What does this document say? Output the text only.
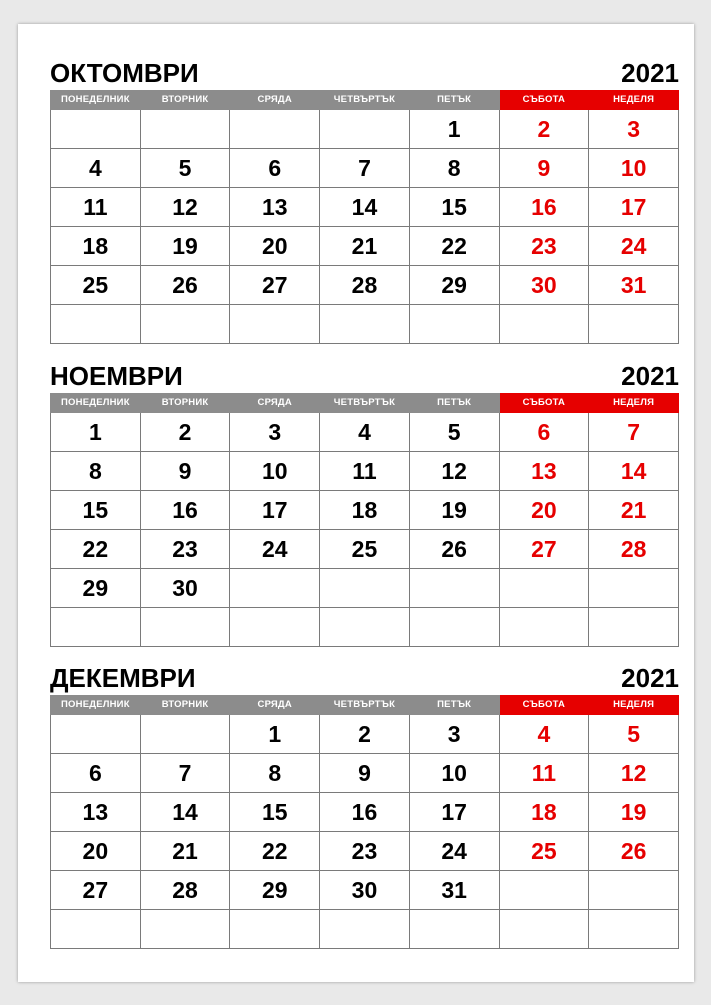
ОКТОМВРИ	2021
ПОНЕДЕЛНИК	ВТОРНИК	СРЯДА	ЧЕТВЪРТЪК	ПЕТЪК	СЪБОТА	НЕДЕЛЯ
				1	2	3
4	5	6	7	8	9	10
11	12	13	14	15	16	17
18	19	20	21	22	23	24
25	26	27	28	29	30	31

НОЕМВРИ	2021
ПОНЕДЕЛНИК	ВТОРНИК	СРЯДА	ЧЕТВЪРТЪК	ПЕТЪК	СЪБОТА	НЕДЕЛЯ
1	2	3	4	5	6	7
8	9	10	11	12	13	14
15	16	17	18	19	20	21
22	23	24	25	26	27	28
29	30					

ДЕКЕМВРИ	2021
ПОНЕДЕЛНИК	ВТОРНИК	СРЯДА	ЧЕТВЪРТЪК	ПЕТЪК	СЪБОТА	НЕДЕЛЯ
		1	2	3	4	5
6	7	8	9	10	11	12
13	14	15	16	17	18	19
20	21	22	23	24	25	26
27	28	29	30	31		
